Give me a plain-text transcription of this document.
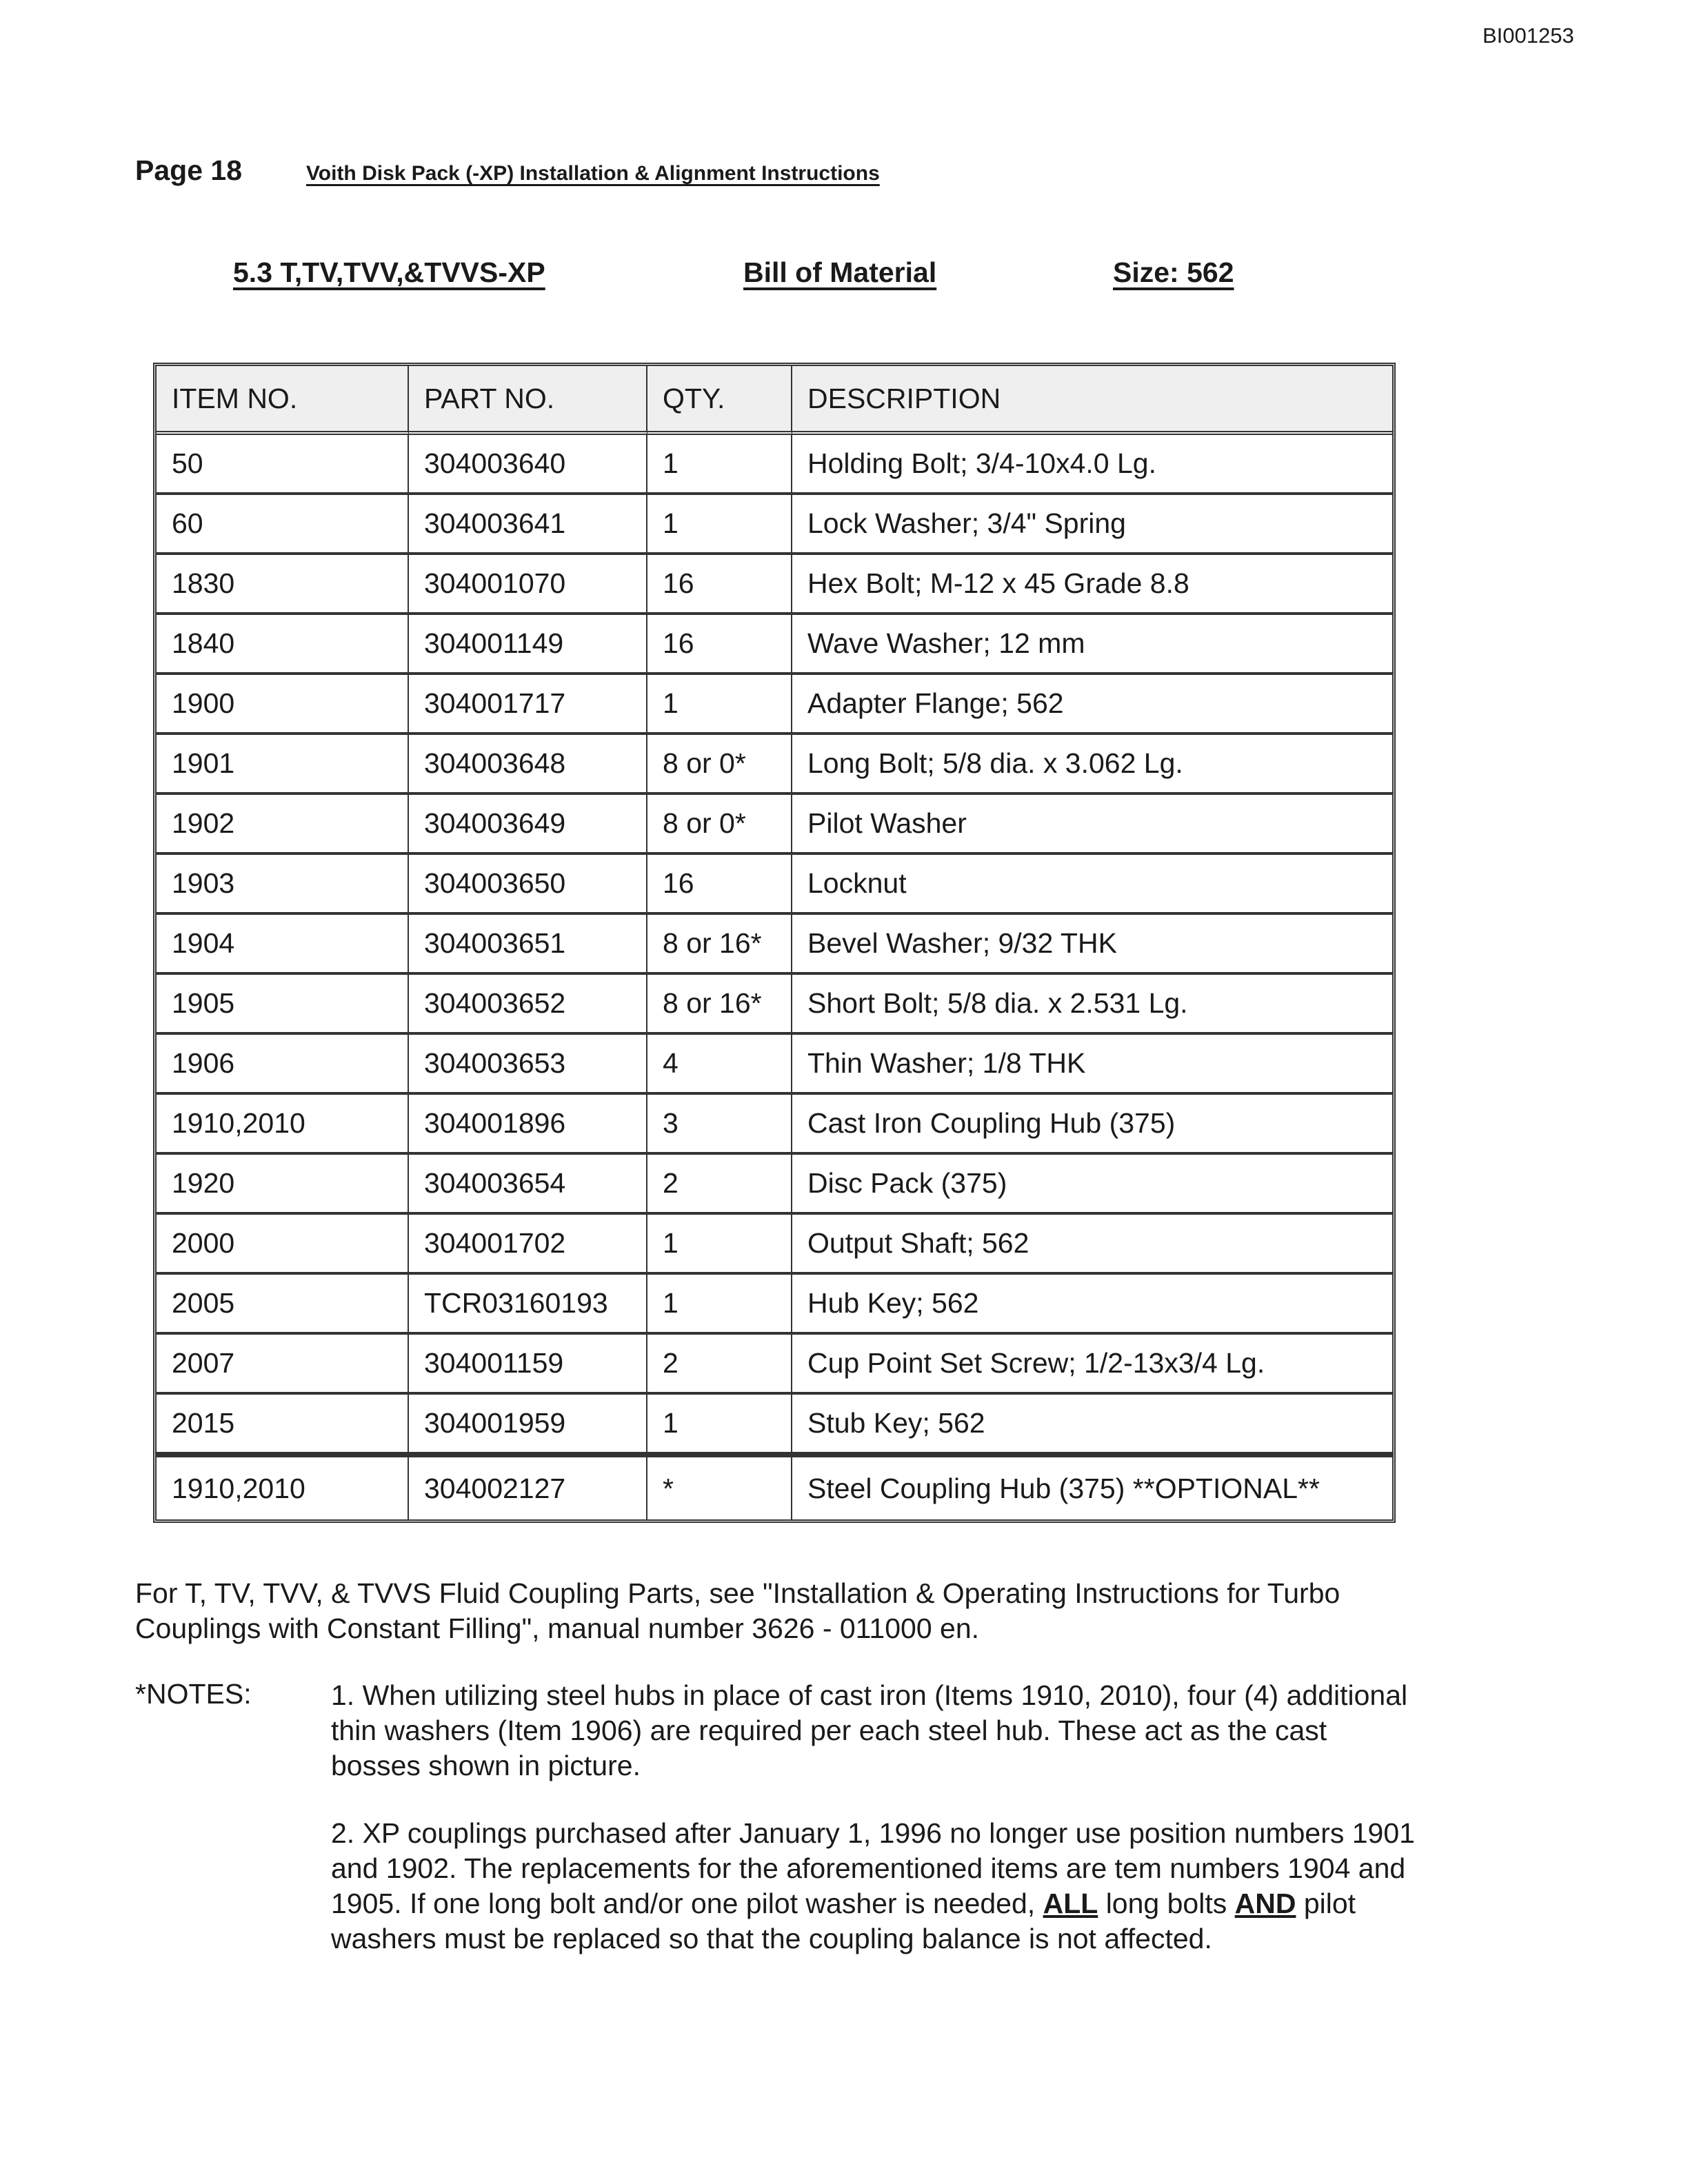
BI001253
Page 18	Voith Disk Pack (-XP) Installation & Alignment Instructions
5.3 T,TV,TVV,&TVVS-XP	Bill of Material	Size: 562
ITEM NO.	PART NO.	QTY.	DESCRIPTION
50	304003640	1	Holding Bolt; 3/4-10x4.0 Lg.
60	304003641	1	Lock Washer; 3/4" Spring
1830	304001070	16	Hex Bolt; M-12 x 45 Grade 8.8
1840	304001149	16	Wave Washer; 12 mm
1900	304001717	1	Adapter Flange; 562
1901	304003648	8 or 0*	Long Bolt; 5/8 dia. x 3.062 Lg.
1902	304003649	8 or 0*	Pilot Washer
1903	304003650	16	Locknut
1904	304003651	8 or 16*	Bevel Washer; 9/32 THK
1905	304003652	8 or 16*	Short Bolt; 5/8 dia. x 2.531 Lg.
1906	304003653	4	Thin Washer; 1/8 THK
1910,2010	304001896	3	Cast Iron Coupling Hub (375)
1920	304003654	2	Disc Pack (375)
2000	304001702	1	Output Shaft; 562
2005	TCR03160193	1	Hub Key; 562
2007	304001159	2	Cup Point Set Screw; 1/2-13x3/4 Lg.
2015	304001959	1	Stub Key; 562
1910,2010	304002127	*	Steel Coupling Hub (375) **OPTIONAL**
For T, TV, TVV, & TVVS Fluid Coupling Parts, see "Installation & Operating Instructions for Turbo Couplings with Constant Filling", manual number 3626 - 011000 en.
*NOTES:	1. When utilizing steel hubs in place of cast iron (Items 1910, 2010), four (4) additional thin washers (Item 1906) are required per each steel hub. These act as the cast bosses shown in picture.
2. XP couplings purchased after January 1, 1996 no longer use position numbers 1901 and 1902. The replacements for the aforementioned items are tem numbers 1904 and 1905. If one long bolt and/or one pilot washer is needed, ALL long bolts AND pilot washers must be replaced so that the coupling balance is not affected.
